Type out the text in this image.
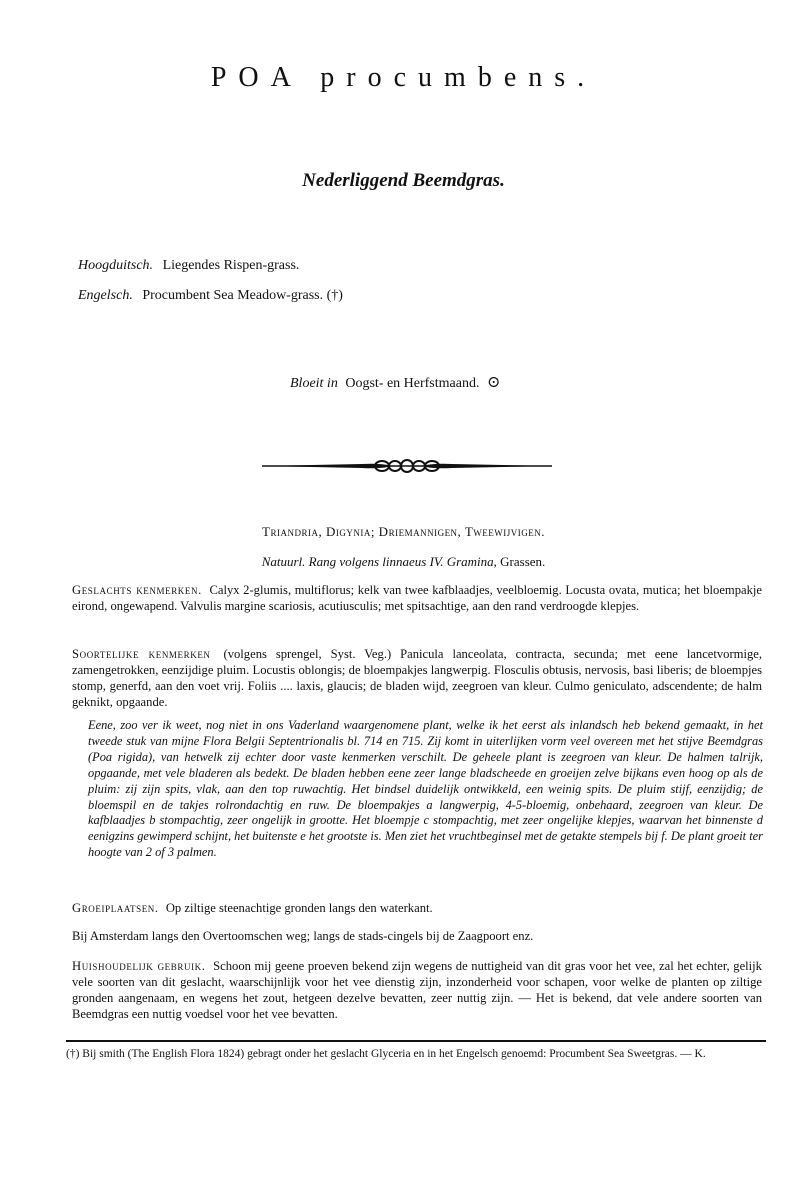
POA procumbens.
Nederliggend Beemdgras.
Hoogduitsch. Liegendes Rispen-grass.
Engelsch. Procumbent Sea Meadow-grass. (†)
Bloeit in Oogst- en Herfstmaand. ⊙
Triandria, Digynia; Driemannigen, Tweewijvigen.
Natuurl. Rang volgens linnaeus IV. Gramina, Grassen.
Geslachts kenmerken. Calyx 2-glumis, multiflorus; kelk van twee kafblaadjes, veelbloemig. Locusta ovata, mutica; het bloempakje eirond, ongewapend. Valvulis margine scariosis, acutiusculis; met spitsachtige, aan den rand verdroogde klepjes.
Soortelijke kenmerken (volgens sprengel, Syst. Veg.) Panicula lanceolata, contracta, secunda; met eene lancetvormige, zamengetrokken, eenzijdige pluim. Locustis oblongis; de bloempakjes langwerpig. Flosculis obtusis, nervosis, basi liberis; de bloempjes stomp, generfd, aan den voet vrij. Foliis .... laxis, glaucis; de bladen wijd, zeegroen van kleur. Culmo geniculato, adscendente; de halm geknikt, opgaande.
Eene, zoo ver ik weet, nog niet in ons Vaderland waargenomene plant, welke ik het eerst als inlandsch heb bekend gemaakt, in het tweede stuk van mijne Flora Belgii Septentrionalis bl. 714 en 715. Zij komt in uiterlijken vorm veel overeen met het stijve Beemdgras (Poa rigida), van hetwelk zij echter door vaste kenmerken verschilt. De geheele plant is zeegroen van kleur. De halmen talrijk, opgaande, met vele bladeren als bedekt. De bladen hebben eene zeer lange bladscheede en groeijen zelve bijkans even hoog op als de pluim: zij zijn spits, vlak, aan den top ruwachtig. Het bindsel duidelijk ontwikkeld, een weinig spits. De pluim stijf, eenzijdig; de bloemspil en de takjes rolrondachtig en ruw. De bloempakjes a langwerpig, 4-5-bloemig, onbehaard, zeegroen van kleur. De kafblaadjes b stompachtig, zeer ongelijk in grootte. Het bloempje c stompachtig, met zeer ongelijke klepjes, waarvan het binnenste d eenigzins gewimperd schijnt, het buitenste e het grootste is. Men ziet het vruchtbeginsel met de getakte stempels bij f. De plant groeit ter hoogte van 2 of 3 palmen.
Groeiplaatsen. Op ziltige steenachtige gronden langs den waterkant.
Bij Amsterdam langs den Overtoomschen weg; langs de stads-cingels bij de Zaagpoort enz.
Huishoudelijk gebruik. Schoon mij geene proeven bekend zijn wegens de nuttigheid van dit gras voor het vee, zal het echter, gelijk vele soorten van dit geslacht, waarschijnlijk voor het vee dienstig zijn, inzonderheid voor schapen, voor welke de planten op ziltige gronden aangenaam, en wegens het zout, hetgeen dezelve bevatten, zeer nuttig zijn. — Het is bekend, dat vele andere soorten van Beemdgras een nuttig voedsel voor het vee bevatten.
(†) Bij smith (The English Flora 1824) gebragt onder het geslacht Glyceria en in het Engelsch genoemd: Procumbent Sea Sweetgras. — K.
